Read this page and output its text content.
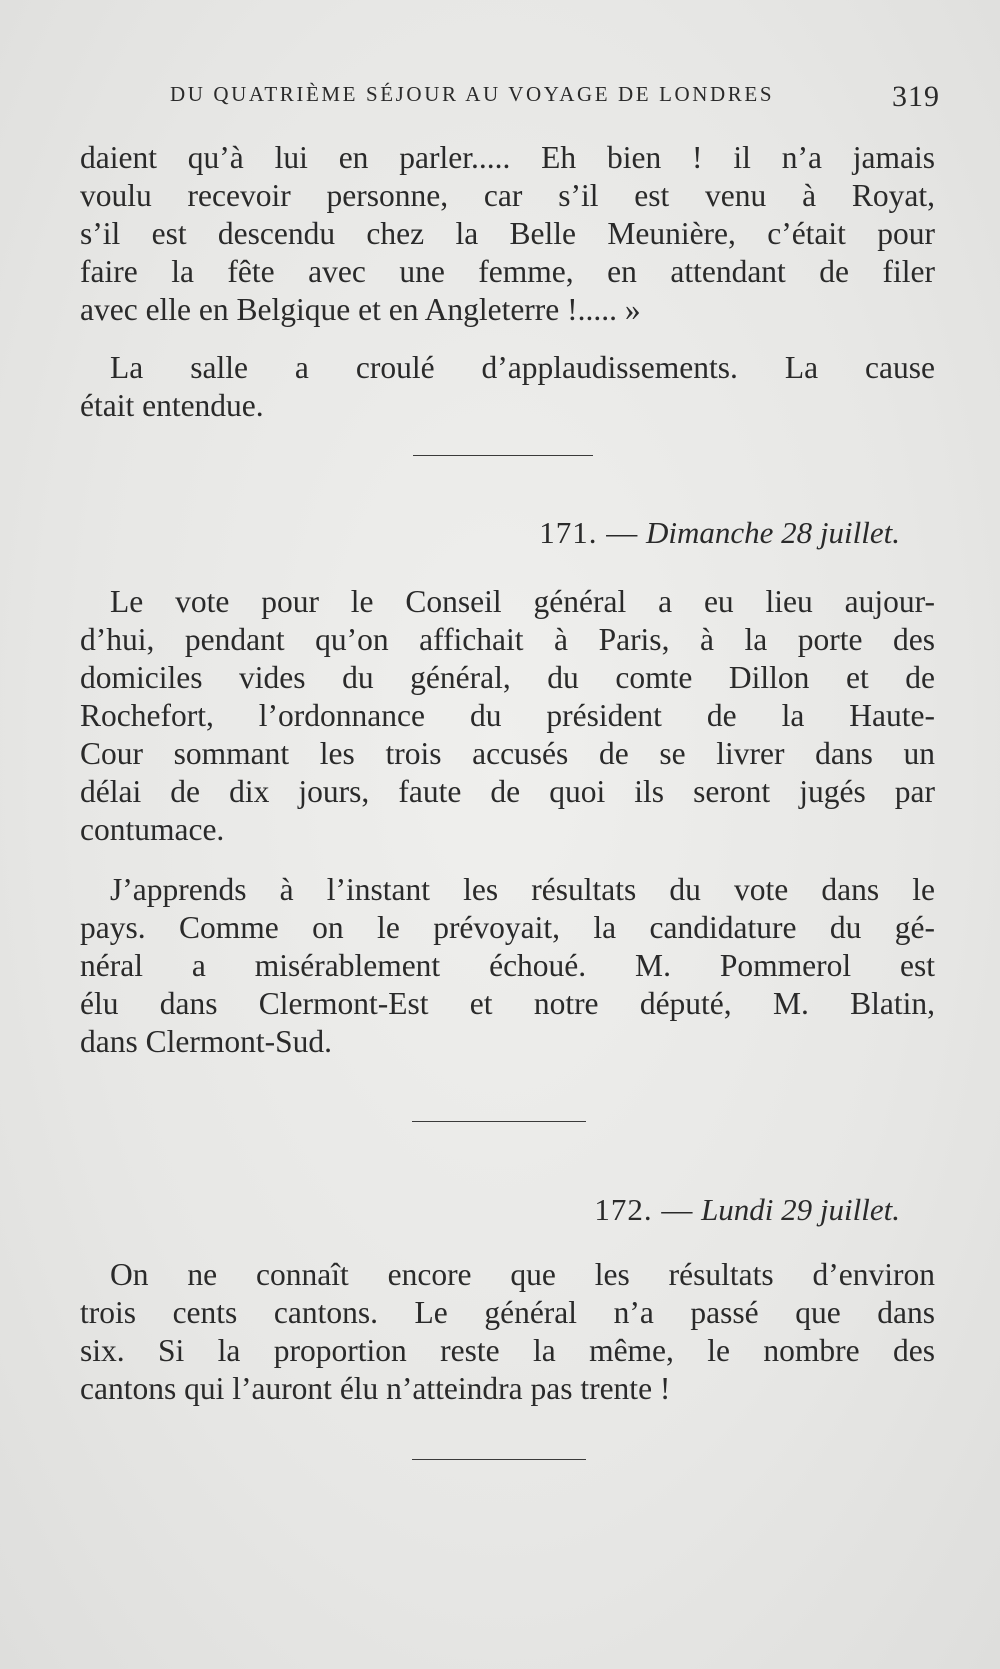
DU QUATRIÈME SÉJOUR AU VOYAGE DE LONDRES	319
daient qu’à lui en parler..... Eh bien ! il n’a jamais
voulu recevoir personne, car s’il est venu à Royat,
s’il est descendu chez la Belle Meunière, c’était pour
faire la fête avec une femme, en attendant de filer
avec elle en Belgique et en Angleterre !..... »
La salle a croulé d’applaudissements. La cause
était entendue.
171. — Dimanche 28 juillet.
Le vote pour le Conseil général a eu lieu aujour-
d’hui, pendant qu’on affichait à Paris, à la porte des
domiciles vides du général, du comte Dillon et de
Rochefort, l’ordonnance du président de la Haute-
Cour sommant les trois accusés de se livrer dans un
délai de dix jours, faute de quoi ils seront jugés par
contumace.
J’apprends à l’instant les résultats du vote dans le
pays. Comme on le prévoyait, la candidature du gé-
néral a misérablement échoué. M. Pommerol est
élu dans Clermont-Est et notre député, M. Blatin,
dans Clermont-Sud.
172. — Lundi 29 juillet.
On ne connaît encore que les résultats d’environ
trois cents cantons. Le général n’a passé que dans
six. Si la proportion reste la même, le nombre des
cantons qui l’auront élu n’atteindra pas trente !
